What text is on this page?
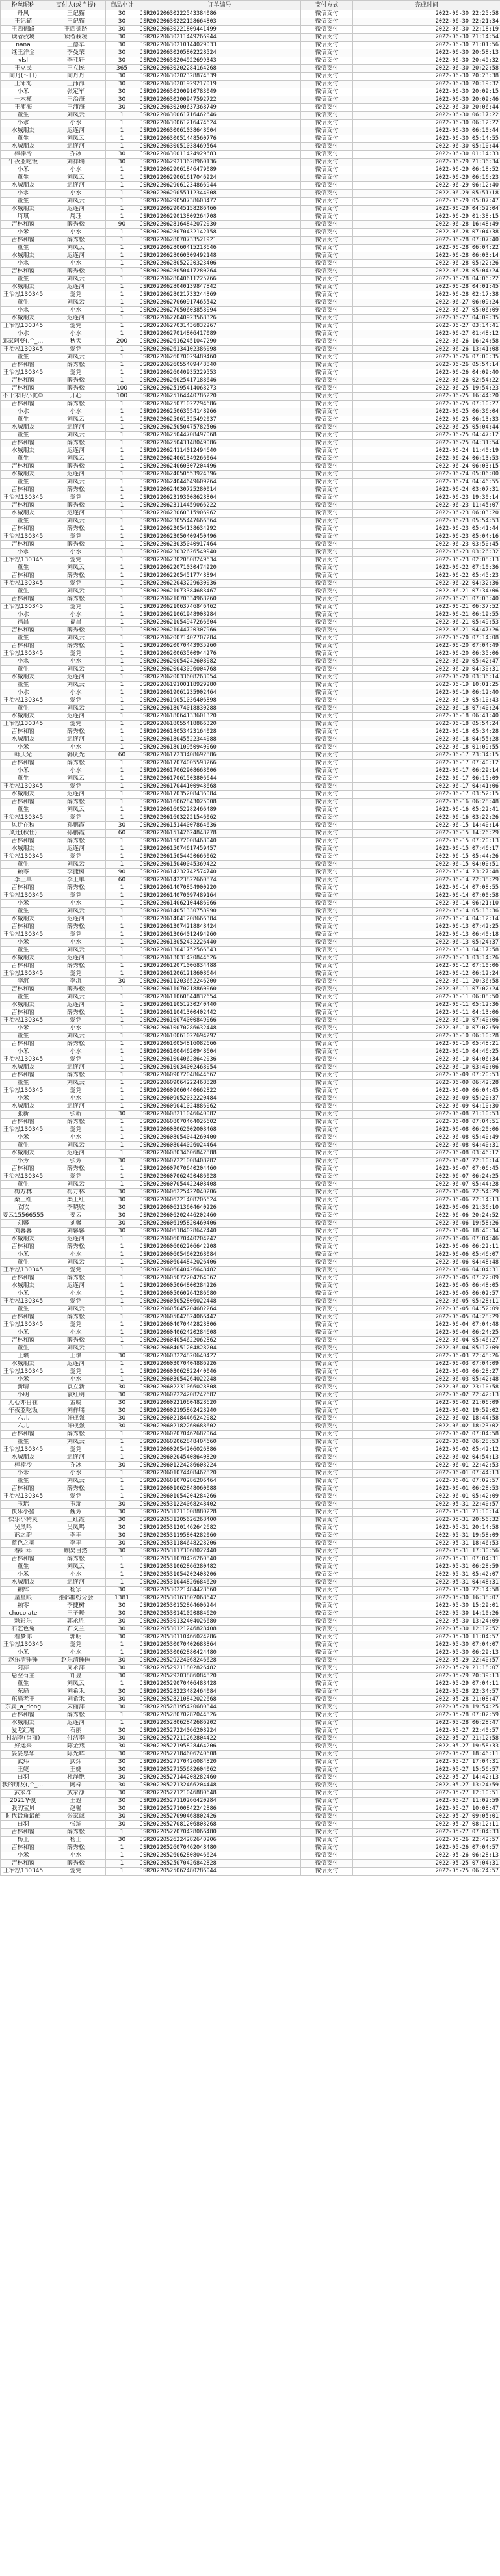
粉丝昵称	支付人(或自提)	商品小计	订单编号	支付方式	完成时间
丹凤	王记猫	30	JSR20220630222543384086	微信支付	2022-06-30 22:25:58
王记猫	王记猫	30	JSR20220630222128664803	微信支付	2022-06-30 22:21:34
王西德路	王西德路	30	JSR20220630221809441499	微信支付	2022-06-30 22:18:19
读者我境	读者我境	30	JSR20220630211449266944	微信支付	2022-06-30 21:14:54
nana	王德军	30	JSR20220630210144029033	微信支付	2022-06-30 21:01:56
继王洋全	李曼荣	30	JSR20220630205802228524	微信支付	2022-06-30 20:58:13
vlsl	李亚轩	30	JSR20220630204922699343	微信支付	2022-06-30 20:49:32
王立民	王立民	365	JSR20220630202284164268	微信支付	2022-06-30 20:22:58
向丹(〜口)	向丹丹	30	JSR20220630202328874839	微信支付	2022-06-30 20:23:38
王沛海	王沛海	30	JSR20220630201929217019	微信支付	2022-06-30 20:19:32
小米	张定军	30	JSR20220630200910783049	微信支付	2022-06-30 20:09:15
一木槿	王治海	30	JSR20220630200947592722	微信支付	2022-06-30 20:09:46
王沛海	王沛海	30	JSR20220630200637368749	微信支付	2022-06-30 20:06:44
董生	刘凤云	1	JSR20220630061716462646	微信支付	2022-06-30 06:17:22
小水	小水	1	JSR20220630061216474624	微信支付	2022-06-30 06:12:22
水城朋友	迟连河	1	JSR20220630061038648604	微信支付	2022-06-30 06:10:44
董生	刘凤云	1	JSR20220630051448560776	微信支付	2022-06-30 05:14:55
水城朋友	迟连河	1	JSR20220630051038469564	微信支付	2022-06-30 05:10:44
棒棒冷	乔冰	30	JSR20220630011424929683	微信支付	2022-06-30 01:14:33
午夜蓝吃饭	刘祥瑞	30	JSR20220629213628960136	微信支付	2022-06-29 21:36:34
小米	小水	1	JSR20220629061846479089	微信支付	2022-06-29 06:18:52
董生	刘凤云	1	JSR20220629061617046924	微信支付	2022-06-29 06:16:23
水城朋友	迟连河	1	JSR20220629061234866944	微信支付	2022-06-29 06:12:40
小水	小水	1	JSR20220629055112344008	微信支付	2022-06-29 05:51:18
董生	刘凤云	1	JSR20220629050738603472	微信支付	2022-06-29 05:07:47
水城朋友	迟连河	1	JSR20220629045158286466	微信支付	2022-06-29 04:52:04
琦琪	周珏	1	JSR20220629013809264708	微信支付	2022-06-29 01:38:15
吉林和窗	薛秀松	90	JSR20220628164842072030	微信支付	2022-06-28 16:48:49
小米	小水	1	JSR20220628070432142158	微信支付	2022-06-28 07:04:38
吉林和窗	薛秀松	1	JSR20220628070733521921	微信支付	2022-06-28 07:07:40
董生	刘凤云	1	JSR20220628060415218646	微信支付	2022-06-28 06:04:22
水城朋友	迟连河	1	JSR20220628060309492148	微信支付	2022-06-28 06:03:14
小水	小水	1	JSR20220628052220323406	微信支付	2022-06-28 05:22:26
吉林和窗	薛秀松	1	JSR20220628050417280264	微信支付	2022-06-28 05:04:24
董生	刘凤云	1	JSR20220628040611225766	微信支付	2022-06-28 04:06:22
水城朋友	迟连河	1	JSR20220628040139847842	微信支付	2022-06-28 04:01:45
王治泓130345	爱党	1	JSR20220628021733244869	微信支付	2022-06-28 02:17:38
董生	刘凤云	1	JSR20220627060917465542	微信支付	2022-06-27 06:09:24
小水	小水	1	JSR20220627050603858094	微信支付	2022-06-27 05:06:09
水城朋友	迟连河	1	JSR20220627040923568326	微信支付	2022-06-27 04:09:35
王治泓130345	爱党	1	JSR20220627031436832267	微信支付	2022-06-27 03:14:41
小水	小水	1	JSR20220627014806417089	微信支付	2022-06-27 01:48:12
邱家阿婆(,^_^)	秋天	200	JSR20220626162451047290	微信支付	2022-06-26 16:24:58
王治泓130345	爱党	1	JSR20220626134102386098	微信支付	2022-06-26 13:41:08
董生	刘凤云	1	JSR20220626070029489460	微信支付	2022-06-26 07:00:35
吉林和窗	薛秀松	1	JSR20220626055409448840	微信支付	2022-06-26 05:54:14
王治泓130345	爱党	1	JSR20220626040935229553	微信支付	2022-06-26 04:09:40
吉林和窗	薛秀松	1	JSR20220626025417188646	微信支付	2022-06-26 02:54:22
吉林和窗	薛秀松	100	JSR20220625195414068273	微信支付	2022-06-25 19:54:23
不干末的小优©	开心	100	JSR20220625164440786220	微信支付	2022-06-25 16:44:20
吉林和窗	薛秀松	1	JSR20220625071022294686	微信支付	2022-06-25 07:10:27
小水	小水	1	JSR20220625063554148966	微信支付	2022-06-25 06:36:04
董生	刘凤云	1	JSR20220625061325492037	微信支付	2022-06-25 06:13:33
水城朋友	迟连河	1	JSR20220625050475782506	微信支付	2022-06-25 05:04:44
董生	刘凤云	1	JSR20220625044708497068	微信支付	2022-06-25 04:47:12
吉林和窗	薛秀松	1	JSR20220625043148049086	微信支付	2022-06-25 04:31:54
水城朋友	迟连河	1	JSR20220624114012494640	微信支付	2022-06-24 11:40:19
董生	刘凤云	1	JSR20220624061349266064	微信支付	2022-06-24 06:13:53
吉林和窗	薛秀松	1	JSR20220624060307204496	微信支付	2022-06-24 06:03:15
水城朋友	迟连河	1	JSR20220624050553924396	微信支付	2022-06-24 05:06:00
董生	刘凤云	1	JSR20220624044649609264	微信支付	2022-06-24 04:46:55
吉林和窗	薛秀松	1	JSR20220624030725280014	微信支付	2022-06-24 03:07:31
王治泓130345	爱党	1	JSR20220623193008628804	微信支付	2022-06-23 19:30:14
吉林和窗	薛秀松	1	JSR20220623114459066222	微信支付	2022-06-23 11:45:07
水城朋友	迟连河	1	JSR20220623060315906962	微信支付	2022-06-23 06:03:20
董生	刘凤云	1	JSR20220623055447666864	微信支付	2022-06-23 05:54:53
吉林和窗	薛秀松	1	JSR20220623054138634292	微信支付	2022-06-23 05:41:44
王治泓130345	爱党	1	JSR20220623050409450496	微信支付	2022-06-23 05:04:16
吉林和窗	薛秀松	1	JSR20220623035040917464	微信支付	2022-06-23 03:50:45
小水	小水	1	JSR20220623032626549940	微信支付	2022-06-23 03:26:32
王治泓130345	爱党	1	JSR20220623020808249634	微信支付	2022-06-23 02:08:13
董生	刘凤云	1	JSR20220622071030474920	微信支付	2022-06-22 07:10:36
吉林和窗	薛秀松	1	JSR20220622054517748894	微信支付	2022-06-22 05:45:23
王治泓130345	爱党	1	JSR20220622043229630036	微信支付	2022-06-22 04:32:36
董生	刘凤云	1	JSR20220621073384683467	微信支付	2022-06-21 07:34:06
吉林和窗	薛秀松	1	JSR20220621070334968260	微信支付	2022-06-21 07:03:40
王治泓130345	爱党	1	JSR20220621063746846462	微信支付	2022-06-21 06:37:52
小水	小水	1	JSR20220621061948908284	微信支付	2022-06-21 06:19:55
福昌	福昌	1	JSR20220621054947266604	微信支付	2022-06-21 05:49:53
吉林和窗	薛秀松	1	JSR20220621044720307966	微信支付	2022-06-21 04:47:26
董生	刘凤云	1	JSR20220620071402707284	微信支付	2022-06-20 07:14:08
吉林和窗	薛秀松	1	JSR20220620070443935260	微信支付	2022-06-20 07:04:49
王治泓130345	爱党	1	JSR20220620063500944276	微信支付	2022-06-20 06:35:06
小水	小水	1	JSR20220620054242608082	微信支付	2022-06-20 05:42:47
董生	刘凤云	1	JSR20220620043026004768	微信支付	2022-06-20 04:30:31
水城朋友	迟连河	1	JSR20220620033608263054	微信支付	2022-06-20 03:36:14
董生	刘凤云	1	JSR20220619100118929280	微信支付	2022-06-19 10:01:25
小水	小水	1	JSR20220619061235902464	微信支付	2022-06-19 06:12:40
王治泓130345	爱党	1	JSR20220619051036406898	微信支付	2022-06-19 05:10:43
董生	刘凤云	1	JSR20220618074018830288	微信支付	2022-06-18 07:40:24
水城朋友	迟连河	1	JSR20220618064133601320	微信支付	2022-06-18 06:41:40
王治泓130345	爱党	1	JSR20220618055418866320	微信支付	2022-06-18 05:54:24
吉林和窗	薛秀松	1	JSR20220618053423164028	微信支付	2022-06-18 05:34:28
水城朋友	迟连河	1	JSR20220618045522344088	微信支付	2022-06-18 04:55:28
小米	小水	1	JSR20220618010950940060	微信支付	2022-06-18 01:09:55
韩庆光	韩庆光	60	JSR20220617233408692886	微信支付	2022-06-17 23:34:15
吉林和窗	薛秀松	1	JSR20220617074005593266	微信支付	2022-06-17 07:40:12
小米	小水	1	JSR20220617062908668006	微信支付	2022-06-17 06:29:14
董生	刘凤云	1	JSR20220617061503806644	微信支付	2022-06-17 06:15:09
王治泓130345	爱党	1	JSR20220617044100948668	微信支付	2022-06-17 04:41:06
水城朋友	迟连河	1	JSR20220617035208436084	微信支付	2022-06-17 03:52:15
吉林和窗	薛秀松	1	JSR20220616062843025008	微信支付	2022-06-16 06:28:48
董生	刘凤云	1	JSR20220616052282466489	微信支付	2022-06-16 05:22:41
王治泓130345	爱党	1	JSR20220616032221546062	微信支付	2022-06-16 03:22:26
风迁在秋	孙鹏霞	30	JSR20220615144007864636	微信支付	2022-06-15 14:40:14
风迁(秋仕)	孙鹏霞	60	JSR20220615142624848278	微信支付	2022-06-15 14:26:29
吉林和窗	薛秀松	1	JSR20220615072008468040	微信支付	2022-06-15 07:20:13
水城朋友	迟连河	1	JSR20220615074617459457	微信支付	2022-06-15 07:46:17
王治泓130345	爱党	1	JSR20220615054420666062	微信支付	2022-06-15 05:44:26
董生	刘凤云	1	JSR20220615040045369422	微信支付	2022-06-15 04:00:51
颗零	李捷树	90	JSR20220614232742574740	微信支付	2022-06-14 23:27:48
李王单	李王单	60	JSR20220614223822660874	微信支付	2022-06-14 22:38:29
吉林和窗	薛秀松	1	JSR20220614070854900220	微信支付	2022-06-14 07:08:55
王治泓130345	爱党	1	JSR20220614070097489164	微信支付	2022-06-14 07:00:58
小米	小水	1	JSR20220614062104486066	微信支付	2022-06-14 06:21:10
董生	刘凤云	1	JSR20220614051330758990	微信支付	2022-06-14 05:13:36
水城朋友	迟连河	1	JSR20220614041208666384	微信支付	2022-06-14 04:12:14
吉林和窗	薛秀松	1	JSR20220613074218848424	微信支付	2022-06-13 07:42:25
王治泓130345	爱党	1	JSR20220613064012494960	微信支付	2022-06-13 06:40:18
小米	小水	1	JSR20220613052432226440	微信支付	2022-06-13 05:24:37
董生	刘凤云	1	JSR20220613041752566843	微信支付	2022-06-13 04:17:58
水城朋友	迟连河	1	JSR20220613031420844626	微信支付	2022-06-13 03:14:26
吉林和窗	薛秀松	1	JSR20220612071006834488	微信支付	2022-06-12 07:10:06
王治泓130345	爱党	1	JSR20220612061218608644	微信支付	2022-06-12 06:12:24
李沉	李沉	30	JSR20220611203652246200	微信支付	2022-06-11 20:36:58
吉林和窗	薛秀松	1	JSR20220611070218860060	微信支付	2022-06-11 07:02:24
董生	刘凤云	1	JSR20220611060844832654	微信支付	2022-06-11 06:08:50
水城朋友	迟连河	1	JSR20220611051230240440	微信支付	2022-06-11 05:12:36
吉林和窗	薛秀松	1	JSR20220611041300402442	微信支付	2022-06-11 04:13:06
王治泓130345	爱党	1	JSR20220610074000849066	微信支付	2022-06-10 07:40:06
小米	小水	1	JSR20220610070286632448	微信支付	2022-06-10 07:02:59
董生	刘凤云	1	JSR20220610061022694292	微信支付	2022-06-10 06:10:28
吉林和窗	薛秀松	1	JSR20220610054816082666	微信支付	2022-06-10 05:48:21
小米	小水	1	JSR20220610044620948604	微信支付	2022-06-10 04:46:25
王治泓130345	爱党	1	JSR20220610040628642036	微信支付	2022-06-10 04:06:34
水城朋友	迟连河	1	JSR20220610034002468054	微信支付	2022-06-10 03:40:06
吉林和窗	薛秀松	1	JSR20220609072048644662	微信支付	2022-06-09 07:20:53
董生	刘凤云	1	JSR20220609064222468828	微信支付	2022-06-09 06:42:28
王治泓130345	爱党	1	JSR20220609060440662822	微信支付	2022-06-09 06:04:45
小米	小水	1	JSR20220609052032220484	微信支付	2022-06-09 05:20:37
水城朋友	迟连河	1	JSR20220609041024886062	微信支付	2022-06-09 04:10:30
张新	张新	30	JSR20220608211046640082	微信支付	2022-06-08 21:10:53
吉林和窗	薛秀松	1	JSR20220608070464026602	微信支付	2022-06-08 07:04:51
王治泓130345	爱党	1	JSR20220608062002008468	微信支付	2022-06-08 06:20:06
小米	小水	1	JSR20220608054044260400	微信支付	2022-06-08 05:40:49
董生	刘凤云	1	JSR20220608044026024464	微信支付	2022-06-08 04:40:31
水城朋友	迟连河	1	JSR20220608034606842888	微信支付	2022-06-08 03:46:12
小芳	张芳	30	JSR20220607221008408282	微信支付	2022-06-07 22:10:14
吉林和窗	薛秀松	1	JSR20220607070640204460	微信支付	2022-06-07 07:06:45
王治泓130345	爱党	1	JSR20220607062420486028	微信支付	2022-06-07 06:24:25
董生	刘凤云	1	JSR20220607054422408408	微信支付	2022-06-07 05:44:28
梅方林	梅方林	30	JSR20220606225422040206	微信支付	2022-06-06 22:54:29
桑王红	桑王红	30	JSR20220606221408206624	微信支付	2022-06-06 22:14:13
欣欣	李晓欣	30	JSR20220606213604640226	微信支付	2022-06-06 21:36:10
姜云15566555	姜云	30	JSR20220606202446202460	微信支付	2022-06-06 20:24:52
刘馨	刘馨	30	JSR20220606195820460406	微信支付	2022-06-06 19:58:26
刘馨馨	刘馨馨	30	JSR20220606184028642440	微信支付	2022-06-06 18:40:34
水城朋友	迟连河	1	JSR20220606070440204242	微信支付	2022-06-06 07:04:46
吉林和窗	薛秀松	1	JSR20220606062206642208	微信支付	2022-06-06 06:22:11
小米	小水	1	JSR20220606054602268084	微信支付	2022-06-06 05:46:07
董生	刘凤云	1	JSR20220606044842026406	微信支付	2022-06-06 04:48:48
王治泓130345	爱党	1	JSR20220606040426648482	微信支付	2022-06-06 04:04:31
吉林和窗	薛秀松	1	JSR20220605072204264062	微信支付	2022-06-05 07:22:09
水城朋友	迟连河	1	JSR20220605064800284226	微信支付	2022-06-05 06:48:05
小米	小水	1	JSR20220605060264286680	微信支付	2022-06-05 06:02:57
王治泓130345	爱党	1	JSR20220605052806022448	微信支付	2022-06-05 05:28:11
董生	刘凤云	1	JSR20220605045204682264	微信支付	2022-06-05 04:52:09
吉林和窗	薛秀松	1	JSR20220605042824066442	微信支付	2022-06-05 04:28:29
王治泓130345	爱党	1	JSR20220604070442828806	微信支付	2022-06-04 07:04:48
小米	小水	1	JSR20220604062420284608	微信支付	2022-06-04 06:24:25
吉林和窗	薛秀松	1	JSR20220604054622062862	微信支付	2022-06-04 05:46:27
董生	刘凤云	1	JSR20220604051204828204	微信支付	2022-06-04 05:12:09
王瓒	王瓒	30	JSR20220603224820640422	微信支付	2022-06-03 22:48:26
水城朋友	迟连河	1	JSR20220603070404886226	微信支付	2022-06-03 07:04:09
王治泓130345	爱党	1	JSR20220603062822440046	微信支付	2022-06-03 06:28:27
小米	小水	1	JSR20220603054264022248	微信支付	2022-06-03 05:42:48
新晴	袁立新	30	JSR20220602231066028808	微信支付	2022-06-02 23:10:58
小明	袁红明	30	JSR20220602224208242682	微信支付	2022-06-02 22:42:13
无心亦自在	孟晓	30	JSR20220602210604828620	微信支付	2022-06-02 21:06:09
午夜蓝吃饭	刘祥瑞	30	JSR20220602195862428240	微信支付	2022-06-02 19:59:02
六儿	许成强	30	JSR20220602184466242082	微信支付	2022-06-02 18:44:58
六儿	许成强	30	JSR20220602182260688602	微信支付	2022-06-02 18:23:02
吉林和窗	薛秀松	1	JSR20220602070462682064	微信支付	2022-06-02 07:04:58
董生	刘凤云	1	JSR20220602062848404660	微信支付	2022-06-02 06:28:53
王治泓130345	爱党	1	JSR20220602054206026886	微信支付	2022-06-02 05:42:12
水城朋友	迟连河	1	JSR20220602045408640820	微信支付	2022-06-02 04:54:13
棒棒冷	乔冰	30	JSR20220601224286608224	微信支付	2022-06-01 22:42:53
小米	小水	1	JSR20220601074408462820	微信支付	2022-06-01 07:44:13
董生	刘凤云	1	JSR20220601070286206464	微信支付	2022-06-01 07:02:57
吉林和窗	薛秀松	1	JSR20220601062848060088	微信支付	2022-06-01 06:28:53
王治泓130345	爱党	1	JSR20220601054204284266	微信支付	2022-06-01 05:42:09
玉瑶	玉瑶	30	JSR20220531224068248402	微信支付	2022-05-31 22:40:57
快乐小猪	魏芳	30	JSR20220531211008880228	微信支付	2022-05-31 21:10:14
快乐小精灵	王红霞	30	JSR20220531205626268400	微信支付	2022-05-31 20:56:32
吴凤鸣	吴凤鸣	30	JSR20220531201462642682	微信支付	2022-05-31 20:14:58
蓝之韵	李丰	30	JSR20220531195804282060	微信支付	2022-05-31 19:58:09
蓝色之美	李丰	30	JSR20220531184648228206	微信支付	2022-05-31 18:46:53
春阳年	顾昊自然	30	JSR20220531173068022440	微信支付	2022-05-31 17:30:56
吉林和窗	薛秀松	1	JSR20220531070426260840	微信支付	2022-05-31 07:04:31
董生	刘凤云	1	JSR20220531062866280482	微信支付	2022-05-31 06:28:59
小米	小水	1	JSR20220531054202408206	微信支付	2022-05-31 05:42:07
水城朋友	迟连河	1	JSR20220531044826684620	微信支付	2022-05-31 04:48:31
颗辉	杨宗	30	JSR20220530221484428660	微信支付	2022-05-30 22:14:58
星星眼	雅都群纷分会	1381	JSR20220530163802068642	微信支付	2022-05-30 16:38:07
颗零	李捷树	30	JSR20220530152864606244	微信支付	2022-05-30 15:29:01
chocolate	王子暖	30	JSR20220530141020884620	微信支付	2022-05-30 14:10:26
颗彩乐	郭永胜	30	JSR20220530132404026680	微信支付	2022-05-30 13:24:09
石艺色兔	石文兰	30	JSR20220530121246828408	微信支付	2022-05-30 12:12:52
看梦你	郭明	30	JSR20220530110466024286	微信支付	2022-05-30 11:04:57
王治泓130345	爱党	1	JSR20220530070402688864	微信支付	2022-05-30 07:04:07
小米	小水	1	JSR20220530062880424480	微信支付	2022-05-30 06:29:13
赵乐清锤锤	赵乐清锤锤	30	JSR20220529224068246628	微信支付	2022-05-29 22:40:57
阿萍	周永萍	30	JSR20220529211802826482	微信支付	2022-05-29 21:18:07
悬空有主	许昱	30	JSR20220529203886084820	微信支付	2022-05-29 20:39:13
董生	刘凤云	1	JSR20220529070406488428	微信支付	2022-05-29 07:04:11
东扁	刘希禾	30	JSR20220528223482464084	微信支付	2022-05-28 22:34:57
东扁老王	刘希禾	30	JSR20220528210842022668	微信支付	2022-05-28 21:08:47
东扁_a_dong	宋丽萍	30	JSR20220528195420680844	微信支付	2022-05-28 19:54:25
吉林和窗	薛秀松	1	JSR20220528070282044826	微信支付	2022-05-28 07:02:59
水城朋友	迟连河	1	JSR20220528062842686202	微信支付	2022-05-28 06:28:47
爱吃红薯	石丽	30	JSR20220527224066208224	微信支付	2022-05-27 22:40:57
付洁李(禹丽)	付洁李	30	JSR20220527211262804422	微信支付	2022-05-27 21:12:58
好运来	陈金燕	30	JSR20220527195828464206	微信支付	2022-05-27 19:58:33
晏晏思华	陈光辉	30	JSR20220527184606240608	微信支付	2022-05-27 18:46:11
武炜	武炜	30	JSR20220527170426084820	微信支付	2022-05-27 17:04:31
王婕	王婕	30	JSR20220527155682604062	微信支付	2022-05-27 15:56:57
白羽	杜泽艳	30	JSR20220527144208282460	微信支付	2022-05-27 14:42:13
我的朋友(,^_^)	阿梓	30	JSR20220527132466204448	微信支付	2022-05-27 13:24:59
武家净	武家净	30	JSR20220527121046880648	微信支付	2022-05-27 12:10:51
2021华夏	王冠	30	JSR20220527110266420284	微信支付	2022-05-27 11:02:59
我的宝贝	赵馨	30	JSR20220527100842242886	微信支付	2022-05-27 10:08:47
时代最角最酷	张家诚	30	JSR20220527090468802426	微信支付	2022-05-27 09:05:01
白羽	张瑜	30	JSR20220527081206808268	微信支付	2022-05-27 08:12:11
吉林和窗	薛秀松	1	JSR20220527070428066480	微信支付	2022-05-27 07:04:33
杨王	杨王	30	JSR20220526224282640206	微信支付	2022-05-26 22:42:57
吉林和窗	薛秀松	1	JSR20220526070462048480	微信支付	2022-05-26 07:04:57
小米	小水	1	JSR20220526062808046624	微信支付	2022-05-26 06:28:13
吉林和窗	薛秀松	1	JSR20220525070426842828	微信支付	2022-05-25 07:04:31
王治泓130345	爱党	1	JSR20220525062480286044	微信支付	2022-05-25 06:24:57
